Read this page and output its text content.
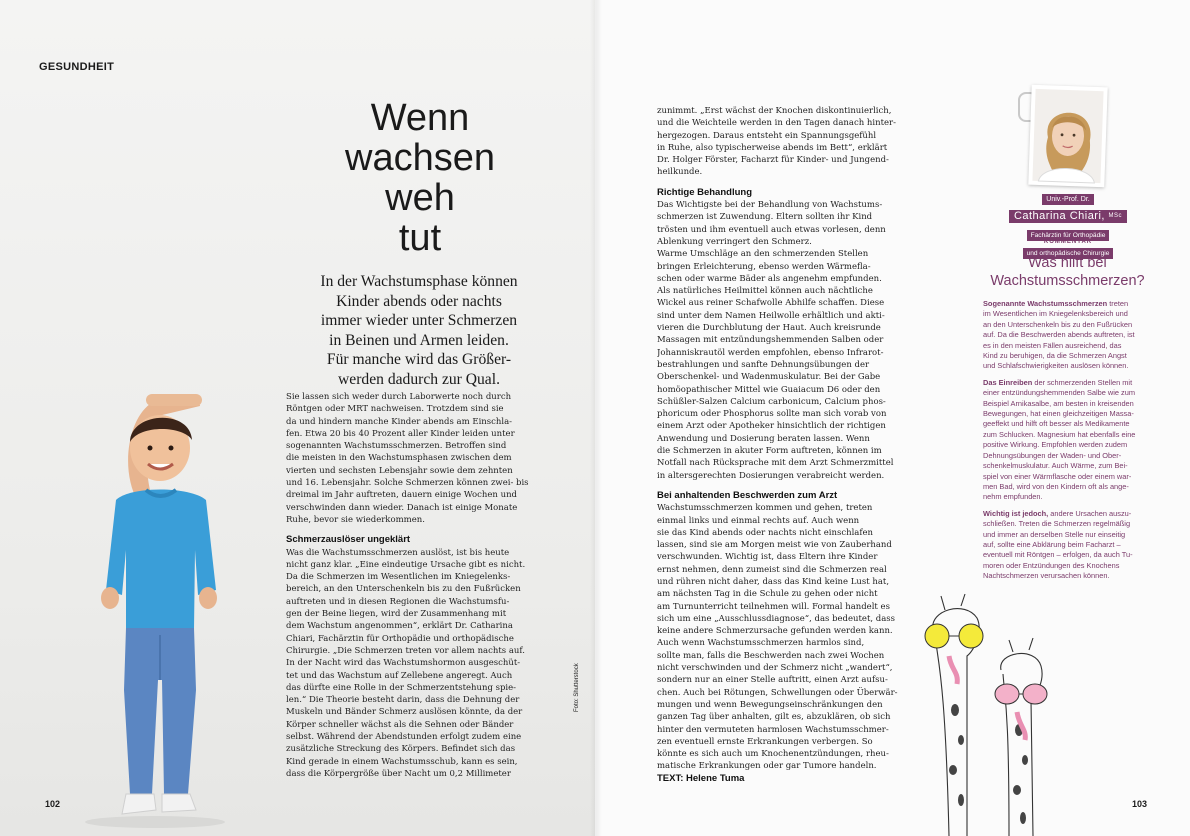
GESUNDHEIT
Wenn
wachsen
weh
tut
In der Wachstumsphase können
Kinder abends oder nachts
immer wieder unter Schmerzen
in Beinen und Armen leiden.
Für manche wird das Größer-
werden dadurch zur Qual.
Sie lassen sich weder durch Laborwerte noch durch
Röntgen oder MRT nachweisen. Trotzdem sind sie
da und hindern manche Kinder abends am Einschla-
fen. Etwa 20 bis 40 Prozent aller Kinder leiden unter
sogenannten Wachstumsschmerzen. Betroffen sind
die meisten in den Wachstumsphasen zwischen dem
vierten und sechsten Lebensjahr sowie dem zehnten
und 16. Lebensjahr. Solche Schmerzen können zwei- bis
dreimal im Jahr auftreten, dauern einige Wochen und
verschwinden dann wieder. Danach ist einige Monate
Ruhe, bevor sie wiederkommen.
Schmerzauslöser ungeklärt
Was die Wachstumsschmerzen auslöst, ist bis heute
nicht ganz klar. „Eine eindeutige Ursache gibt es nicht.
Da die Schmerzen im Wesentlichen im Kniegelenks-
bereich, an den Unterschenkeln bis zu den Fußrücken
auftreten und in diesen Regionen die Wachstumsfu-
gen der Beine liegen, wird der Zusammenhang mit
dem Wachstum angenommen“, erklärt Dr. Catharina
Chiari, Fachärztin für Orthopädie und orthopädische
Chirurgie. „Die Schmerzen treten vor allem nachts auf.
In der Nacht wird das Wachstumshormon ausgeschüt-
tet und das Wachstum auf Zellebene angeregt. Auch
das dürfte eine Rolle in der Schmerzentstehung spie-
len.“ Die Theorie besteht darin, dass die Dehnung der
Muskeln und Bänder Schmerz auslösen könnte, da der
Körper schneller wächst als die Sehnen oder Bänder
selbst. Während der Abendstunden erfolgt zudem eine
zusätzliche Streckung des Körpers. Befindet sich das
Kind gerade in einem Wachstumsschub, kann es sein,
dass die Körpergröße über Nacht um 0,2 Millimeter
zunimmt. „Erst wächst der Knochen diskontinuierlich,
und die Weichteile werden in den Tagen danach hinter-
hergezogen. Daraus entsteht ein Spannungsgefühl
in Ruhe, also typischerweise abends im Bett“, erklärt
Dr. Holger Förster, Facharzt für Kinder- und Jungend-
heilkunde.
Richtige Behandlung
Das Wichtigste bei der Behandlung von Wachstums-
schmerzen ist Zuwendung. Eltern sollten ihr Kind
trösten und ihm eventuell auch etwas vorlesen, denn
Ablenkung verringert den Schmerz.
Warme Umschläge an den schmerzenden Stellen
bringen Erleichterung, ebenso werden Wärmefla-
schen oder warme Bäder als angenehm empfunden.
Als natürliches Heilmittel können auch nächtliche
Wickel aus reiner Schafwolle Abhilfe schaffen. Diese
sind unter dem Namen Heilwolle erhältlich und akti-
vieren die Durchblutung der Haut. Auch kreisrunde
Massagen mit entzündungshemmenden Salben oder
Johanniskrautöl werden empfohlen, ebenso Infrarot-
bestrahlungen und sanfte Dehnungsübungen der
Oberschenkel- und Wadenmuskulatur. Bei der Gabe
homöopathischer Mittel wie Guaiacum D6 oder den
Schüßler-Salzen Calcium carbonicum, Calcium phos-
phoricum oder Phosphorus sollte man sich vorab von
einem Arzt oder Apotheker hinsichtlich der richtigen
Anwendung und Dosierung beraten lassen. Wenn
die Schmerzen in akuter Form auftreten, können im
Notfall nach Rücksprache mit dem Arzt Schmerzmittel
in altersgerechten Dosierungen verabreicht werden.
Bei anhaltenden Beschwerden zum Arzt
Wachstumsschmerzen kommen und gehen, treten
einmal links und einmal rechts auf. Auch wenn
sie das Kind abends oder nachts nicht einschlafen
lassen, sind sie am Morgen meist wie von Zauberhand
verschwunden. Wichtig ist, dass Eltern ihre Kinder
ernst nehmen, denn zumeist sind die Schmerzen real
und rühren nicht daher, dass das Kind keine Lust hat,
am nächsten Tag in die Schule zu gehen oder nicht
am Turnunterricht teilnehmen will. Formal handelt es
sich um eine „Ausschlussdiagnose“, das bedeutet, dass
keine andere Schmerzursache gefunden werden kann.
Auch wenn Wachstumsschmerzen harmlos sind,
sollte man, falls die Beschwerden nach zwei Wochen
nicht verschwinden und der Schmerz nicht „wandert“,
sondern nur an einer Stelle auftritt, einen Arzt aufsu-
chen. Auch bei Rötungen, Schwellungen oder Überwär-
mungen und wenn Bewegungseinschränkungen den
ganzen Tag über anhalten, gilt es, abzuklären, ob sich
hinter den vermuteten harmlosen Wachstumsschmer-
zen eventuell ernste Erkrankungen verbergen. So
könnte es sich auch um Knochenentzündungen, rheu-
matische Erkrankungen oder gar Tumore handeln.
TEXT: Helene Tuma
Foto: Shutterstock
Univ.-Prof. Dr.
Catharina Chiari, $^{MSc}$
Fachärztin für Orthopädie
und orthopädische Chirurgie
KOMMENTAR
Was hilft bei
Wachstumsschmerzen?
Sogenannte Wachstumsschmerzen treten
im Wesentlichen im Kniegelenksbereich und
an den Unterschenkeln bis zu den Fußrücken
auf. Da die Beschwerden abends auftreten, ist
es in den meisten Fällen ausreichend, das
Kind zu beruhigen, da die Schmerzen Angst
und Schlafschwierigkeiten auslösen können.
Das Einreiben der schmerzenden Stellen mit
einer entzündungshemmenden Salbe wie zum
Beispiel Arnikasalbe, am besten in kreisenden
Bewegungen, hat einen gleichzeitigen Massa-
geeffekt und hilft oft besser als Medikamente
zum Schlucken. Magnesium hat ebenfalls eine
positive Wirkung. Empfohlen werden zudem
Dehnungsübungen der Waden- und Ober-
schenkelmuskulatur. Auch Wärme, zum Bei-
spiel von einer Wärmflasche oder einem war-
men Bad, wird von den Kindern oft als ange-
nehm empfunden.
Wichtig ist jedoch, andere Ursachen auszu-
schließen. Treten die Schmerzen regelmäßig
und immer an derselben Stelle nur einseitig
auf, sollte eine Abklärung beim Facharzt –
eventuell mit Röntgen – erfolgen, da auch Tu-
moren oder Entzündungen des Knochens
Nachtschmerzen verursachen können.
102	103
